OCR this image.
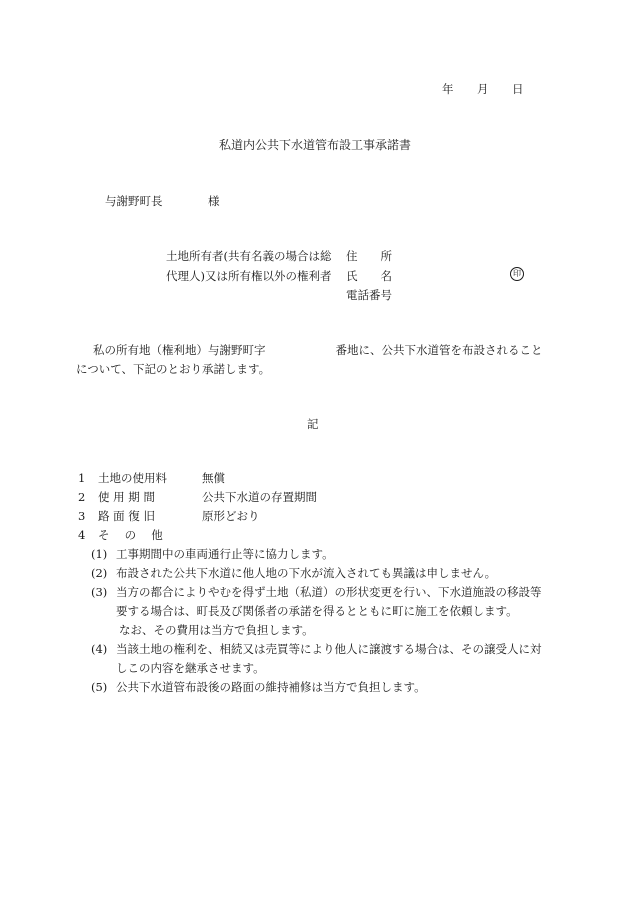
年 月 日
私道内公共下水道管布設工事承諾書
与謝野町長	様
土地所有者(共有名義の場合は総
代理人)又は所有権以外の権利者
住　　所
氏　　名	印
電話番号
私の所有地（権利地）与謝野町字	番地に、公共下水道管を布設されることについて、下記のとおり承諾します。
記
1	土地の使用料	無償
2	使 用 期 間	公共下水道の存置期間
3	路 面 復 旧	原形どおり
4	そ　 の　 他
(1) 工事期間中の車両通行止等に協力します。
(2) 布設された公共下水道に他人地の下水が流入されても異議は申しません。
(3) 当方の都合によりやむを得ず土地（私道）の形状変更を行い、下水道施設の移設等要する場合は、町長及び関係者の承諾を得るとともに町に施工を依頼します。
なお、その費用は当方で負担します。
(4) 当該土地の権利を、相続又は売買等により他人に譲渡する場合は、その譲受人に対しこの内容を継承させます。
(5) 公共下水道管布設後の路面の維持補修は当方で負担します。
